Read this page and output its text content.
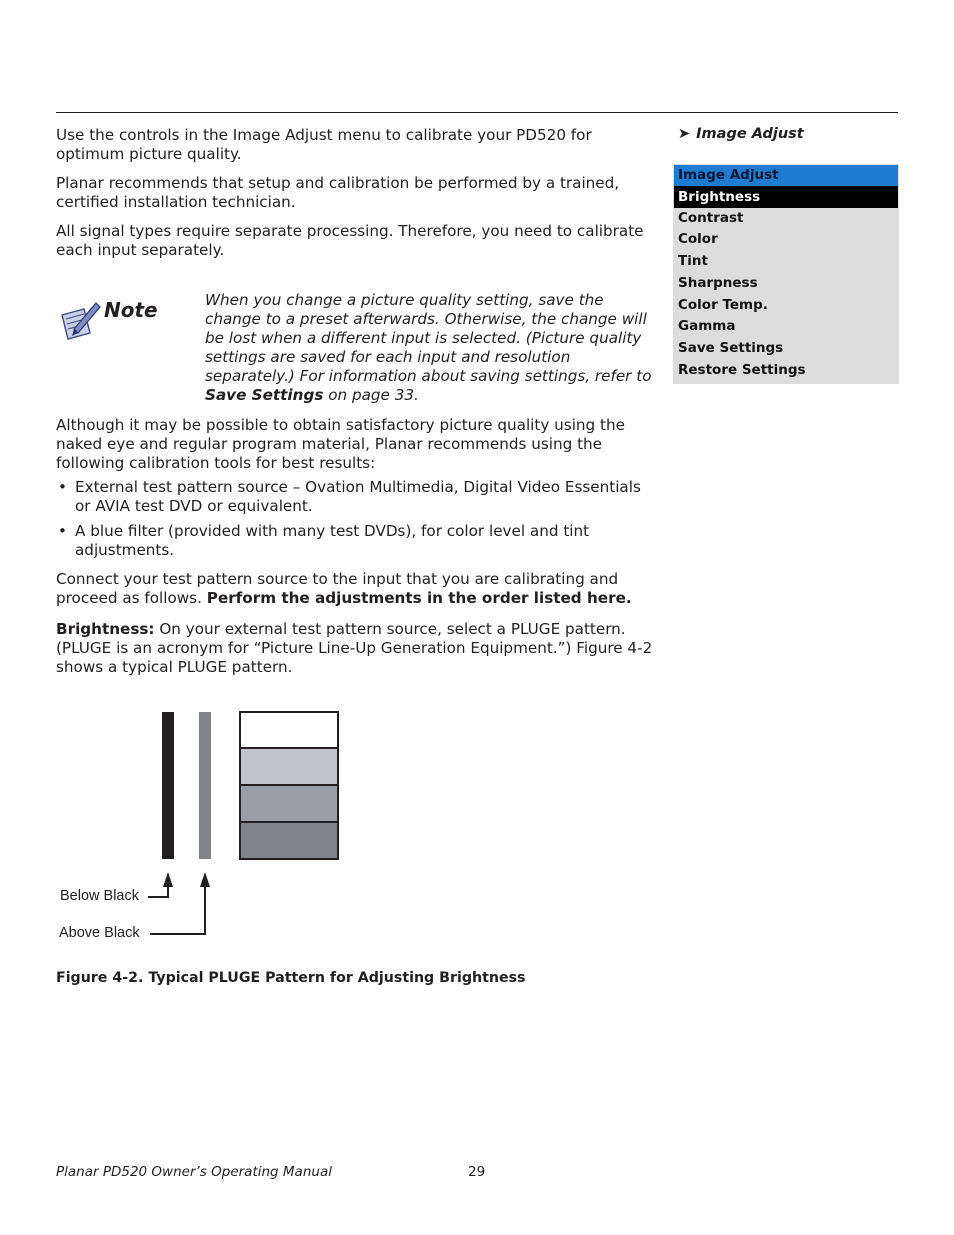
Use the controls in the Image Adjust menu to calibrate your PD520 for optimum picture quality.

Planar recommends that setup and calibration be performed by a trained, certified installation technician.

All signal types require separate processing. Therefore, you need to calibrate each input separately.

Note	When you change a picture quality setting, save the change to a preset afterwards. Otherwise, the change will be lost when a different input is selected. (Picture quality settings are saved for each input and resolution separately.) For information about saving settings, refer to Save Settings on page 33.

Although it may be possible to obtain satisfactory picture quality using the naked eye and regular program material, Planar recommends using the following calibration tools for best results:

• External test pattern source – Ovation Multimedia, Digital Video Essentials or AVIA test DVD or equivalent.
• A blue filter (provided with many test DVDs), for color level and tint adjustments.

Connect your test pattern source to the input that you are calibrating and proceed as follows. Perform the adjustments in the order listed here.

Brightness: On your external test pattern source, select a PLUGE pattern. (PLUGE is an acronym for “Picture Line-Up Generation Equipment.”) Figure 4-2 shows a typical PLUGE pattern.

➤ Image Adjust
Image Adjust
Brightness
Contrast
Color
Tint
Sharpness
Color Temp.
Gamma
Save Settings
Restore Settings
Below Black
Above Black
Figure 4-2. Typical PLUGE Pattern for Adjusting Brightness
Planar PD520 Owner’s Operating Manual	29
